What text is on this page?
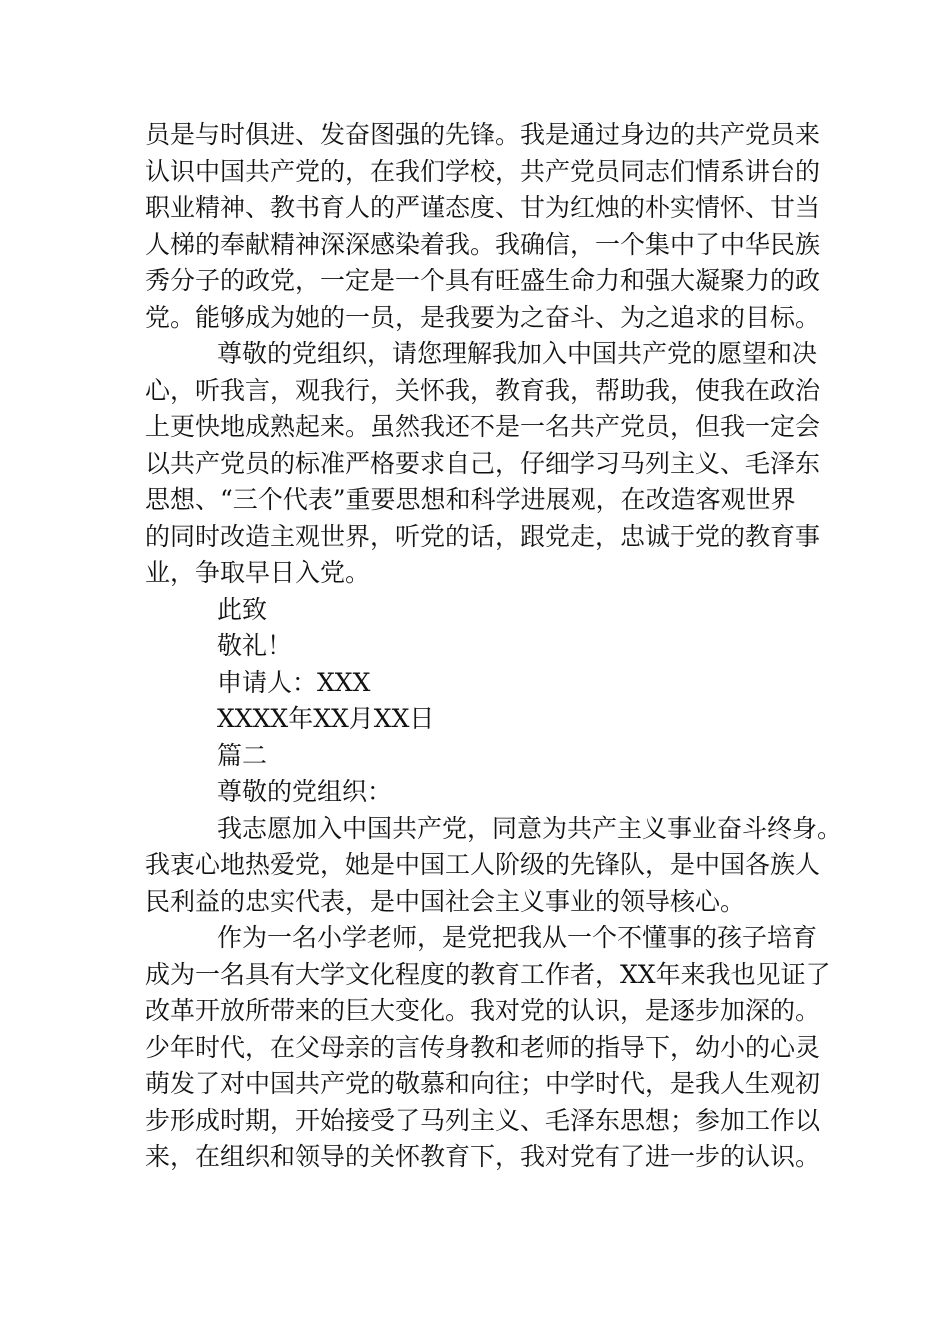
员是与时俱进、发奋图强的先锋。我是通过身边的共产党员来
认识中国共产党的，在我们学校，共产党员同志们情系讲台的
职业精神、教书育人的严谨态度、甘为红烛的朴实情怀、甘当
人梯的奉献精神深深感染着我。我确信，一个集中了中华民族
秀分子的政党，一定是一个具有旺盛生命力和强大凝聚力的政
党。能够成为她的一员，是我要为之奋斗、为之追求的目标。
尊敬的党组织，请您理解我加入中国共产党的愿望和决
心，听我言，观我行，关怀我，教育我，帮助我，使我在政治
上更快地成熟起来。虽然我还不是一名共产党员，但我一定会
以共产党员的标准严格要求自己，仔细学习马列主义、毛泽东
思想、“三个代表”重要思想和科学进展观，在改造客观世界
的同时改造主观世界，听党的话，跟党走，忠诚于党的教育事
业，争取早日入党。
此致
敬礼！
申请人：XXX
XXXX年XX月XX日
篇二
尊敬的党组织：
我志愿加入中国共产党，同意为共产主义事业奋斗终身。
我衷心地热爱党，她是中国工人阶级的先锋队，是中国各族人
民利益的忠实代表，是中国社会主义事业的领导核心。
作为一名小学老师，是党把我从一个不懂事的孩子培育
成为一名具有大学文化程度的教育工作者，XX年来我也见证了
改革开放所带来的巨大变化。我对党的认识，是逐步加深的。
少年时代，在父母亲的言传身教和老师的指导下，幼小的心灵
萌发了对中国共产党的敬慕和向往；中学时代，是我人生观初
步形成时期，开始接受了马列主义、毛泽东思想；参加工作以
来，在组织和领导的关怀教育下，我对党有了进一步的认识。
